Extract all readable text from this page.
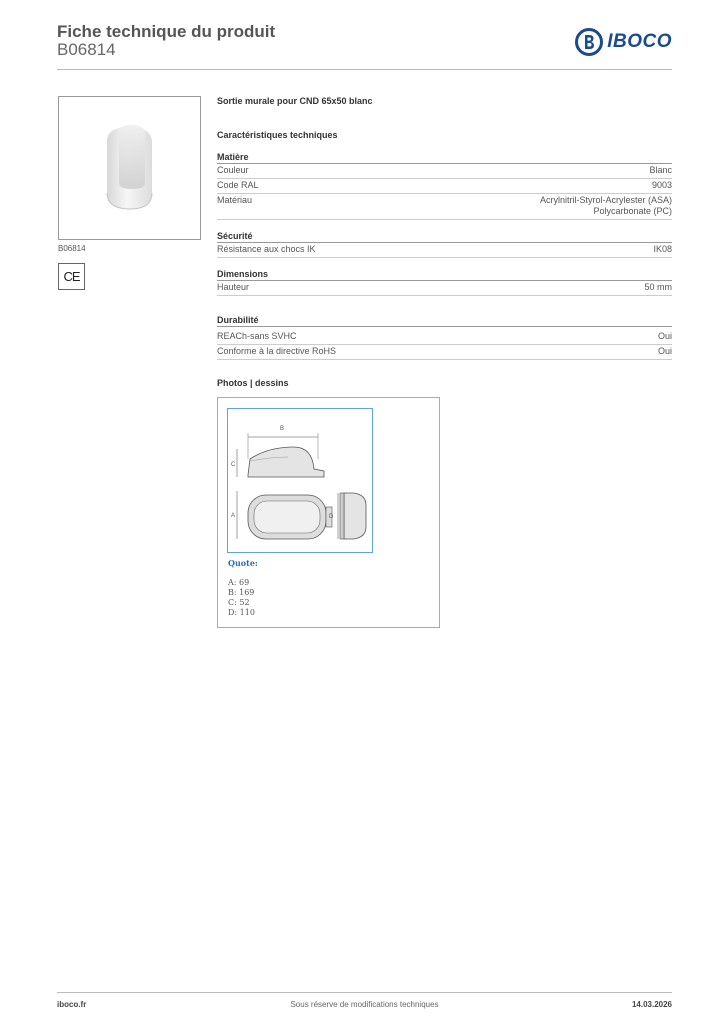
Fiche technique du produit
B06814	IBOCO
B06814
CE
Sortie murale pour CND 65x50 blanc
Caractéristiques techniques
Matière
Couleur	Blanc
Code RAL	9003
Matériau	Acrylnitril-Styrol-Acrylester (ASA)
Polycarbonate (PC)
Sécurité
Résistance aux chocs IK	IK08
Dimensions
Hauteur	50 mm
Durabilité
REACh-sans SVHC	Oui
Conforme à la directive RoHS	Oui
Photos | dessins
B
C
A	D
Quote:
A: 69
B: 169
C: 52
D: 110
iboco.fr	Sous réserve de modifications techniques	14.03.2026
